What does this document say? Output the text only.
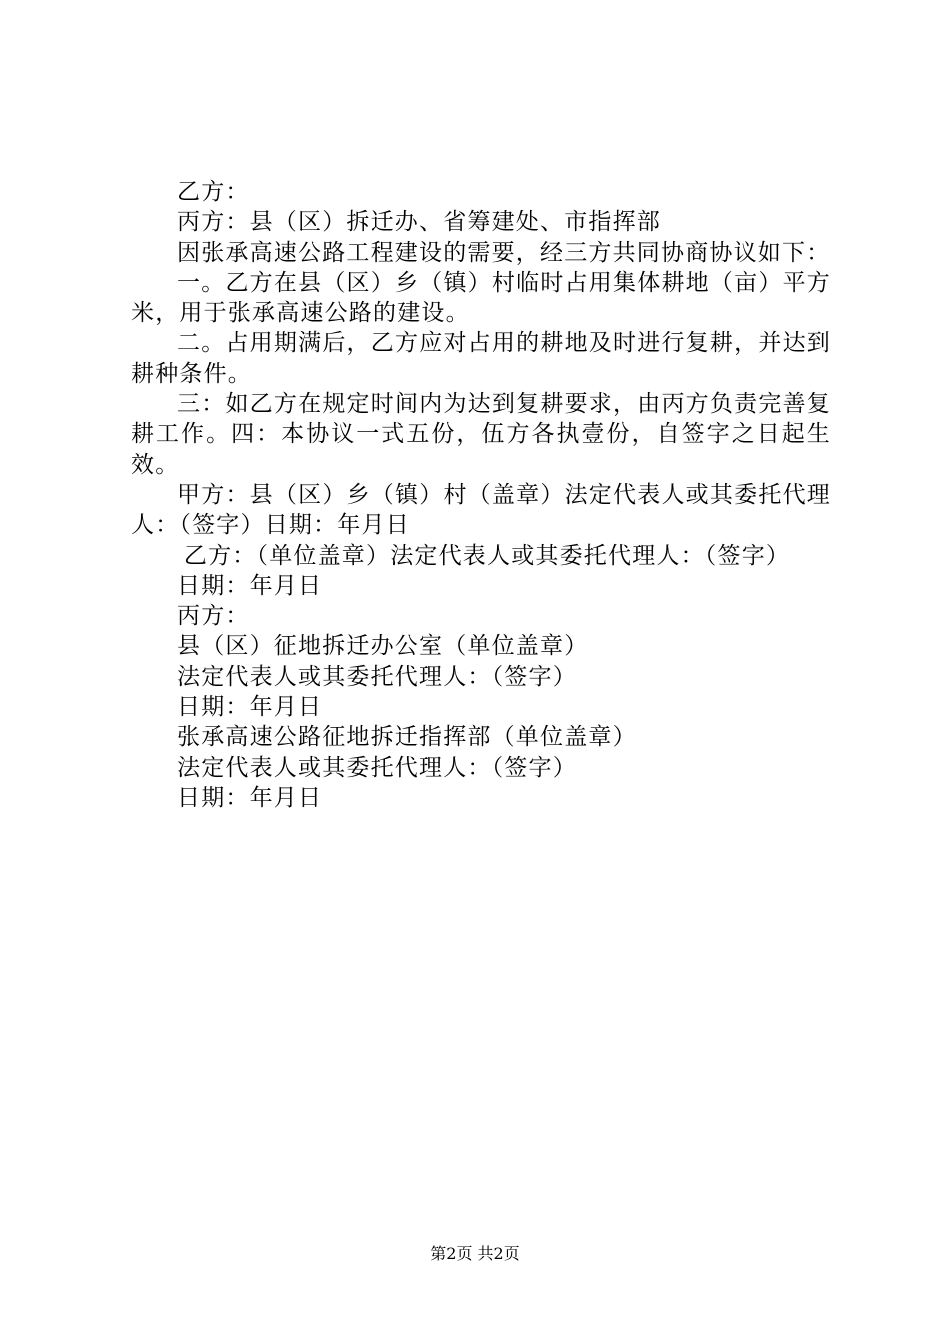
乙方：

丙方：县（区）拆迁办、省筹建处、市指挥部

因张承高速公路工程建设的需要，经三方共同协商协议如下：

一。乙方在县（区）乡（镇）村临时占用集体耕地（亩）平方米，用于张承高速公路的建设。

二。占用期满后，乙方应对占用的耕地及时进行复耕，并达到耕种条件。

三：如乙方在规定时间内为达到复耕要求，由丙方负责完善复耕工作。四：本协议一式五份，伍方各执壹份，自签字之日起生效。

甲方：县（区）乡（镇）村（盖章）法定代表人或其委托代理人：（签字）日期：年月日

乙方：（单位盖章）法定代表人或其委托代理人：（签字）

日期：年月日

丙方：

县（区）征地拆迁办公室（单位盖章）

法定代表人或其委托代理人：（签字）

日期：年月日

张承高速公路征地拆迁指挥部（单位盖章）

法定代表人或其委托代理人：（签字）

日期：年月日

第2页 共2页
